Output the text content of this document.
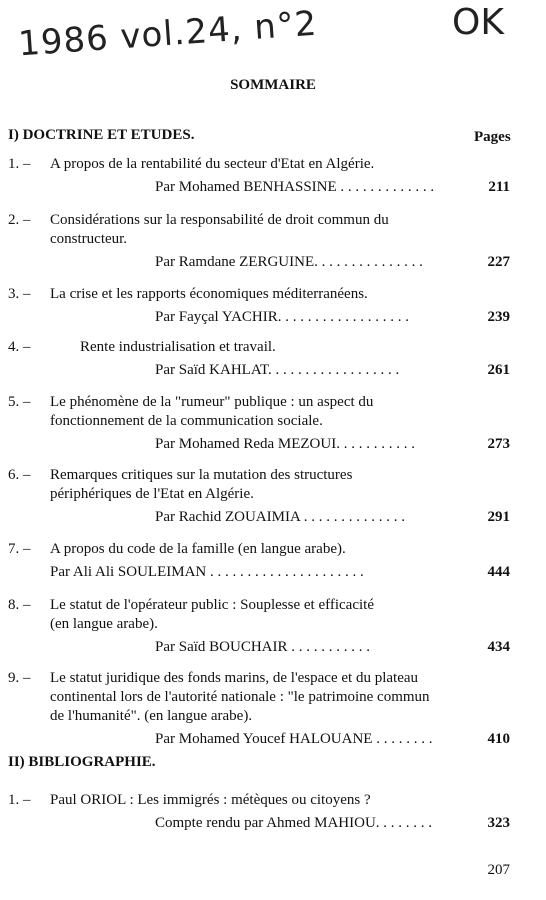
1986 vol.24, n°2	OK
SOMMAIRE
I) DOCTRINE ET ETUDES.	Pages
1. – A propos de la rentabilité du secteur d'Etat en Algérie.
Par Mohamed BENHASSINE . . . . . . . . . . . . .	211
2. – Considérations sur la responsabilité de droit commun du
constructeur.
Par Ramdane ZERGUINE. . . . . . . . . . . . . . .	227
3. – La crise et les rapports économiques méditerranéens.
Par Fayçal YACHIR. . . . . . . . . . . . . . . . . .	239
4. –	Rente industrialisation et travail.
Par Saïd KAHLAT. . . . . . . . . . . . . . . . . .	261
5. – Le phénomène de la "rumeur" publique : un aspect du
fonctionnement de la communication sociale.
Par Mohamed Reda MEZOUI. . . . . . . . . . .	273
6. – Remarques critiques sur la mutation des structures
périphériques de l'Etat en Algérie.
Par Rachid ZOUAIMIA . . . . . . . . . . . . . .	291
7. – A propos du code de la famille (en langue arabe).
Par Ali Ali SOULEIMAN . . . . . . . . . . . . . . . . . . . . .	444
8. – Le statut de l'opérateur public : Souplesse et efficacité
(en langue arabe).
Par Saïd BOUCHAIR . . . . . . . . . . .	434
9. – Le statut juridique des fonds marins, de l'espace et du plateau
continental lors de l'autorité nationale : "le patrimoine commun
de l'humanité". (en langue arabe).
Par Mohamed Youcef HALOUANE . . . . . . . .	410
II) BIBLIOGRAPHIE.
1. – Paul ORIOL : Les immigrés : métèques ou citoyens ?
Compte rendu par Ahmed MAHIOU. . . . . . . .	323
207
